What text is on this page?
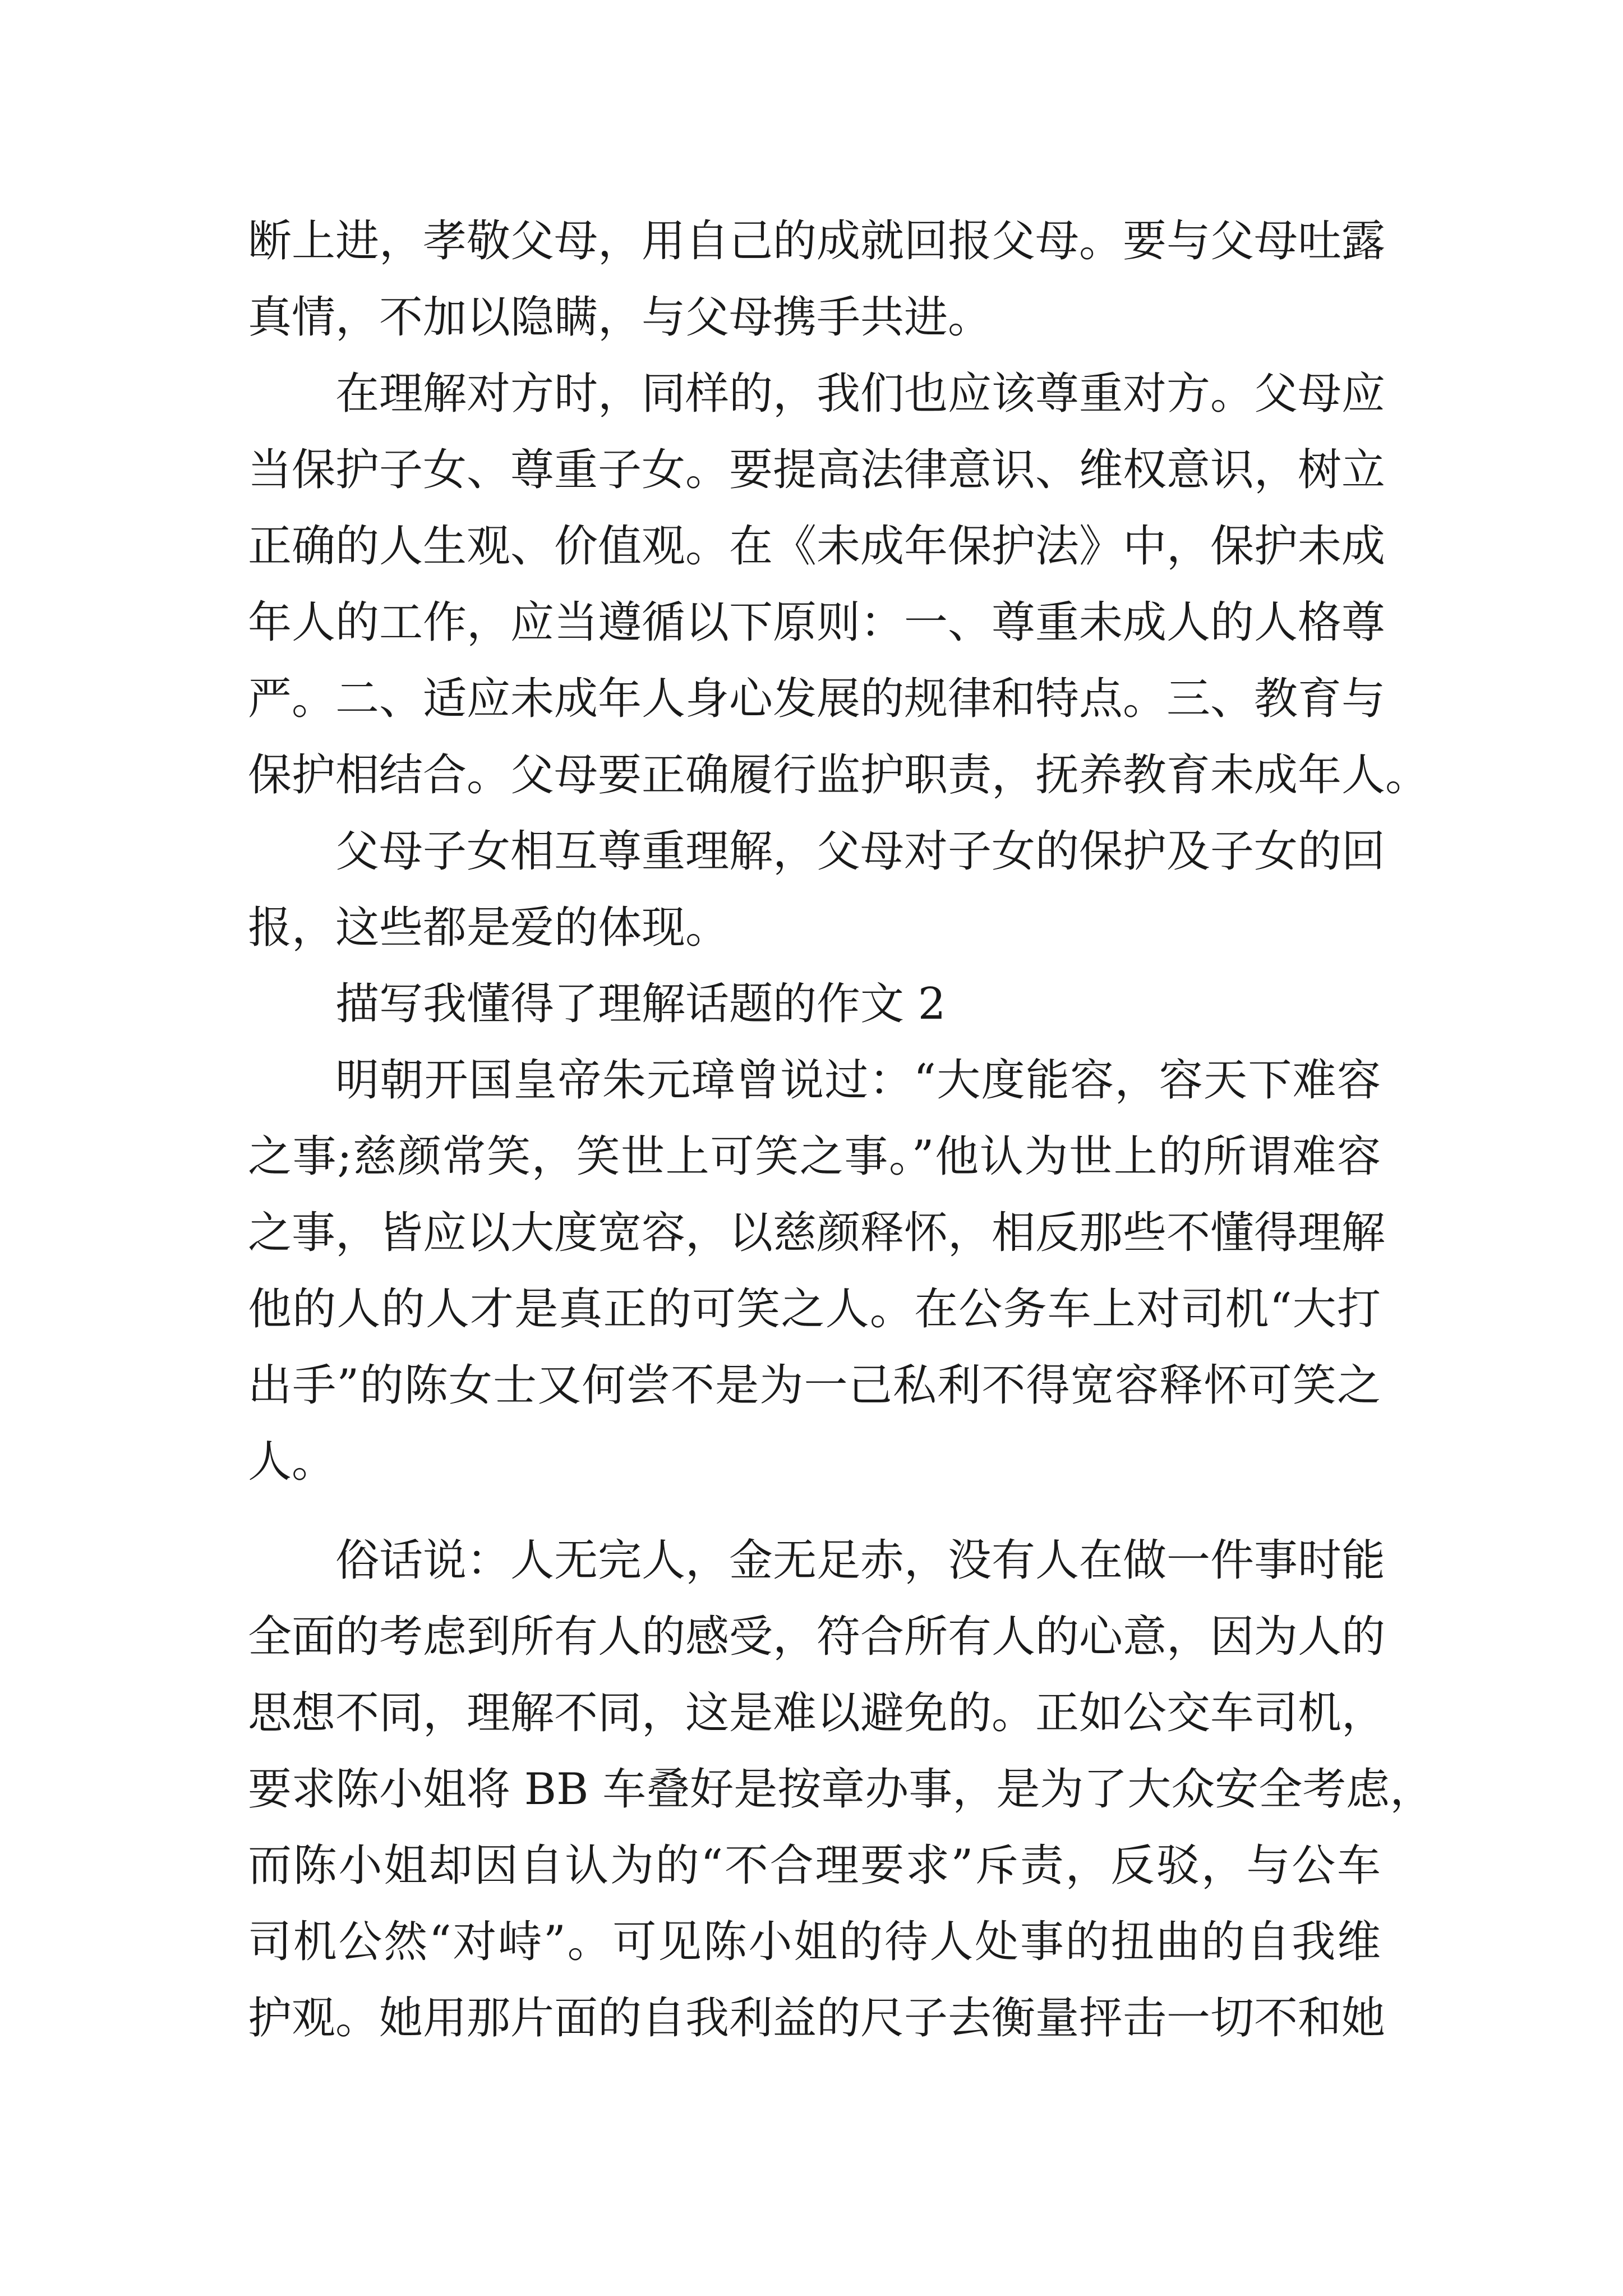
断上进，孝敬父母，用自己的成就回报父母。要与父母吐露
真情，不加以隐瞒，与父母携手共进。
在理解对方时，同样的，我们也应该尊重对方。父母应
当保护子女、尊重子女。要提高法律意识、维权意识，树立
正确的人生观、价值观。在《未成年保护法》中，保护未成
年人的工作，应当遵循以下原则：一、尊重未成人的人格尊
严。二、适应未成年人身心发展的规律和特点。三、教育与
保护相结合。父母要正确履行监护职责，抚养教育未成年人。
父母子女相互尊重理解，父母对子女的保护及子女的回
报，这些都是爱的体现。
描写我懂得了理解话题的作文 2
明朝开国皇帝朱元璋曾说过：“大度能容，容天下难容
之事;慈颜常笑，笑世上可笑之事。”他认为世上的所谓难容
之事，皆应以大度宽容，以慈颜释怀，相反那些不懂得理解
他的人的人才是真正的可笑之人。在公务车上对司机“大打
出手”的陈女士又何尝不是为一己私利不得宽容释怀可笑之
人。
俗话说：人无完人，金无足赤，没有人在做一件事时能
全面的考虑到所有人的感受，符合所有人的心意，因为人的
思想不同，理解不同，这是难以避免的。正如公交车司机，
要求陈小姐将 BB 车叠好是按章办事，是为了大众安全考虑，
而陈小姐却因自认为的“不合理要求”斥责，反驳，与公车
司机公然“对峙”。可见陈小姐的待人处事的扭曲的自我维
护观。她用那片面的自我利益的尺子去衡量抨击一切不和她
